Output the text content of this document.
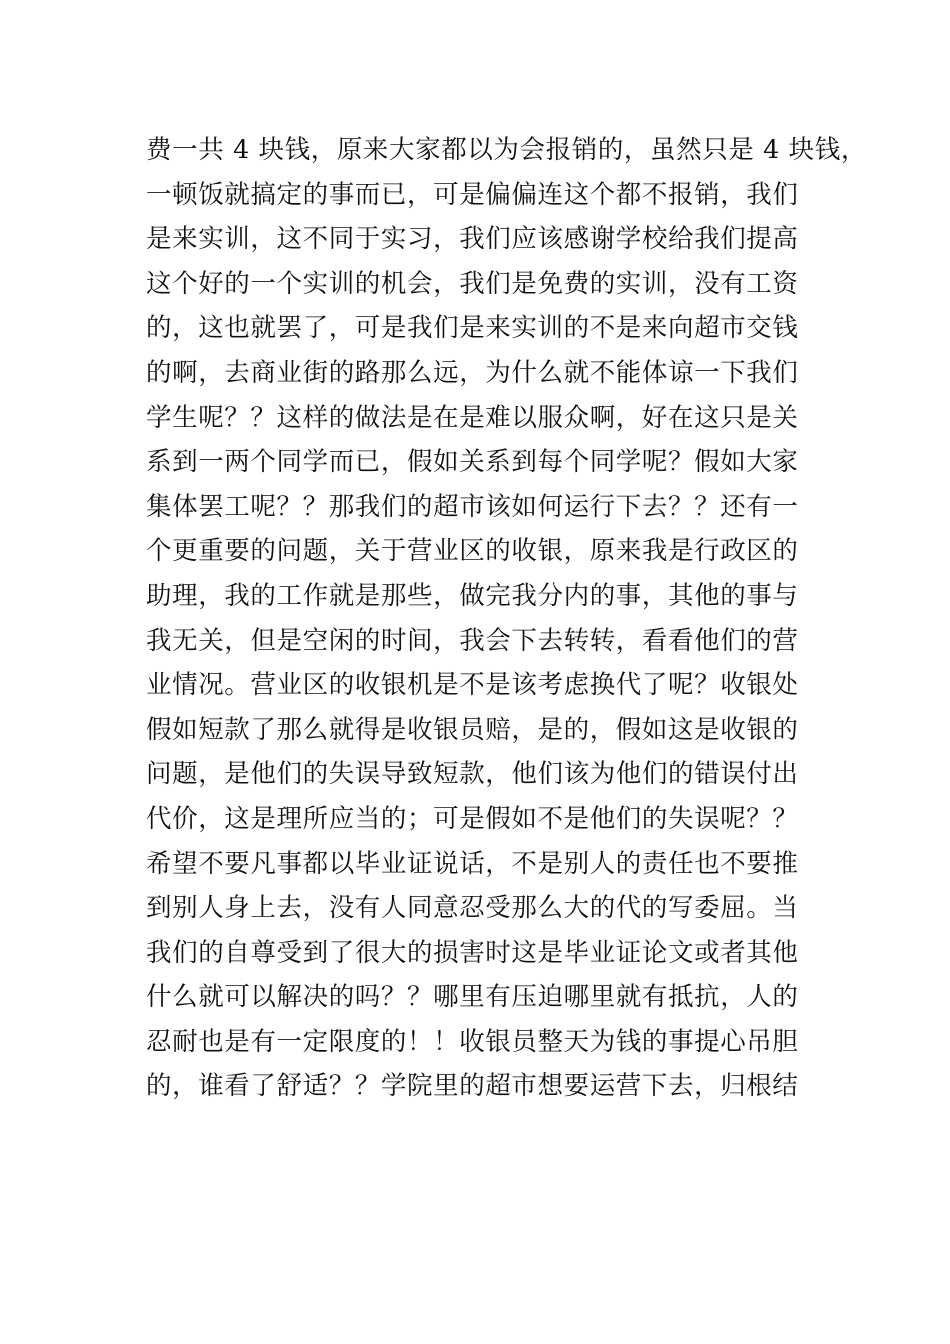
费一共 4 块钱，原来大家都以为会报销的，虽然只是 4 块钱，
一顿饭就搞定的事而已，可是偏偏连这个都不报销，我们
是来实训，这不同于实习，我们应该感谢学校给我们提高
这个好的一个实训的机会，我们是免费的实训，没有工资
的，这也就罢了，可是我们是来实训的不是来向超市交钱
的啊，去商业街的路那么远，为什么就不能体谅一下我们
学生呢？？这样的做法是在是难以服众啊，好在这只是关
系到一两个同学而已，假如关系到每个同学呢？假如大家
集体罢工呢？？那我们的超市该如何运行下去？？还有一
个更重要的问题，关于营业区的收银，原来我是行政区的
助理，我的工作就是那些，做完我分内的事，其他的事与
我无关，但是空闲的时间，我会下去转转，看看他们的营
业情况。营业区的收银机是不是该考虑换代了呢？收银处
假如短款了那么就得是收银员赔，是的，假如这是收银的
问题，是他们的失误导致短款，他们该为他们的错误付出
代价，这是理所应当的；可是假如不是他们的失误呢？？
希望不要凡事都以毕业证说话，不是别人的责任也不要推
到别人身上去，没有人同意忍受那么大的代的写委屈。当
我们的自尊受到了很大的损害时这是毕业证论文或者其他
什么就可以解决的吗？？哪里有压迫哪里就有抵抗，人的
忍耐也是有一定限度的！！收银员整天为钱的事提心吊胆
的，谁看了舒适？？学院里的超市想要运营下去，归根结
